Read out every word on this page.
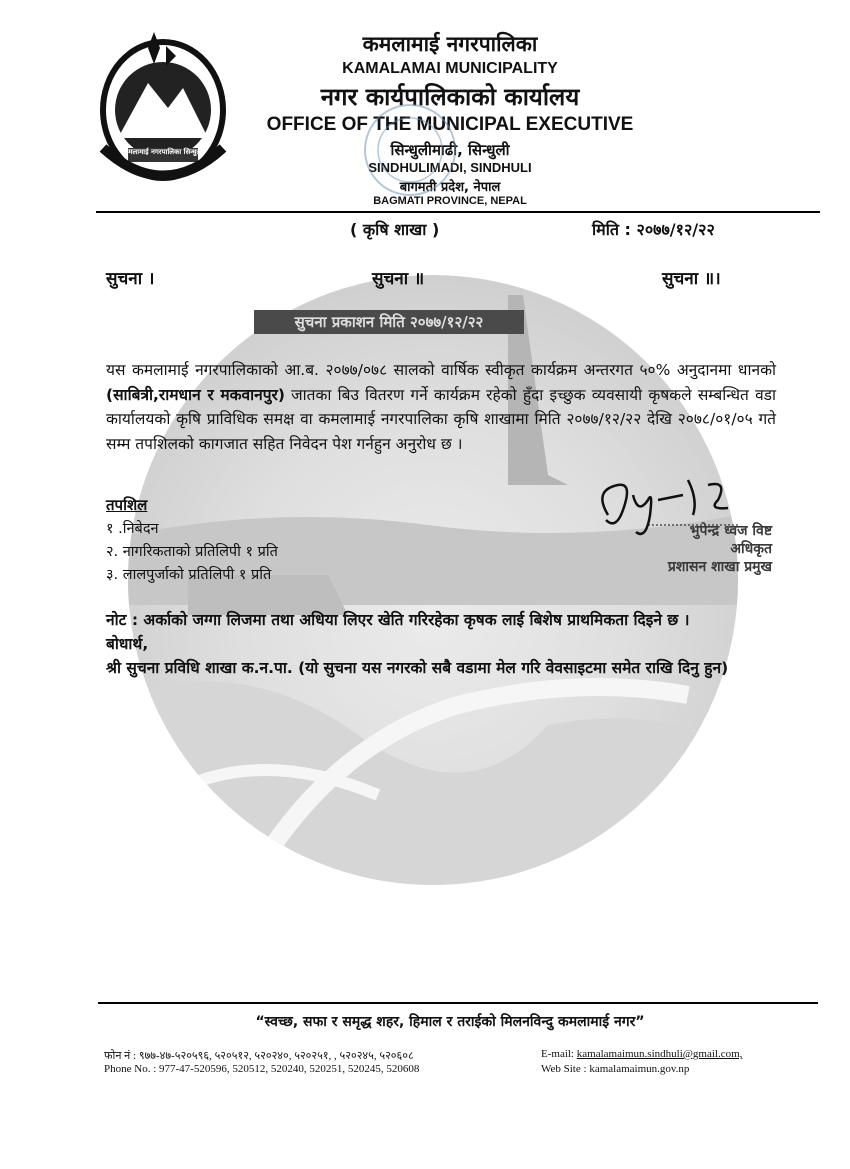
कमलामाई नगरपालिका सिन्धुली
कमलामाई नगरपालिका
KAMALAMAI MUNICIPALITY
नगर कार्यपालिकाको कार्यालय
OFFICE OF THE MUNICIPAL EXECUTIVE
सिन्धुलीमाढी, सिन्धुली
SINDHULIMADI, SINDHULI
बागमती प्रदेश, नेपाल
BAGMATI PROVINCE, NEPAL
( कृषि शाखा )	मिति : २०७७/१२/२२
सुचना ।	सुचना ॥	सुचना ॥।
सुचना प्रकाशन मिति २०७७/१२/२२
यस कमलामाई नगरपालिकाको आ.ब. २०७७/०७८ सालको वार्षिक स्वीकृत कार्यक्रम अन्तरगत ५०% अनुदानमा धानको (साबित्री,रामधान र मकवानपुर) जातका बिउ वितरण गर्ने कार्यक्रम रहेको हुँदा इच्छुक व्यवसायी कृषकले सम्बन्धित वडा कार्यालयको कृषि प्राविधिक समक्ष वा कमलामाई नगरपालिका कृषि शाखामा मिति २०७७/१२/२२ देखि २०७८/०१/०५ गते सम्म तपशिलको कागजात सहित निवेदन पेश गर्नहुन अनुरोध छ ।
तपशिल
१ .निबेदन
२. नागरिकताको प्रतिलिपी १ प्रति
३. लालपुर्जाको प्रतिलिपी १ प्रति
भुपेन्द्र ध्वज विष्ट
अधिकृत
प्रशासन शाखा प्रमुख
नोट : अर्काको जग्गा लिजमा तथा अधिया लिएर खेति गरिरहेका कृषक लाई बिशेष प्राथमिकता दिइने छ ।
बोधार्थ,
श्री सुचना प्रविधि शाखा क.न.पा. (यो सुचना यस नगरको सबै वडामा मेल गरि वेवसाइटमा समेत राखि दिनु हुन)
“स्वच्छ, सफा र समृद्ध शहर, हिमाल र तराईको मिलनविन्दु कमलामाई नगर”
फोन नं : ९७७-४७-५२०५९६, ५२०५१२, ५२०२४०, ५२०२५१, , ५२०२४५, ५२०६०८
Phone No. : 977-47-520596, 520512, 520240, 520251, 520245, 520608
E-mail: kamalamaimun.sindhuli@gmail.com,
Web Site : kamalamaimun.gov.np
